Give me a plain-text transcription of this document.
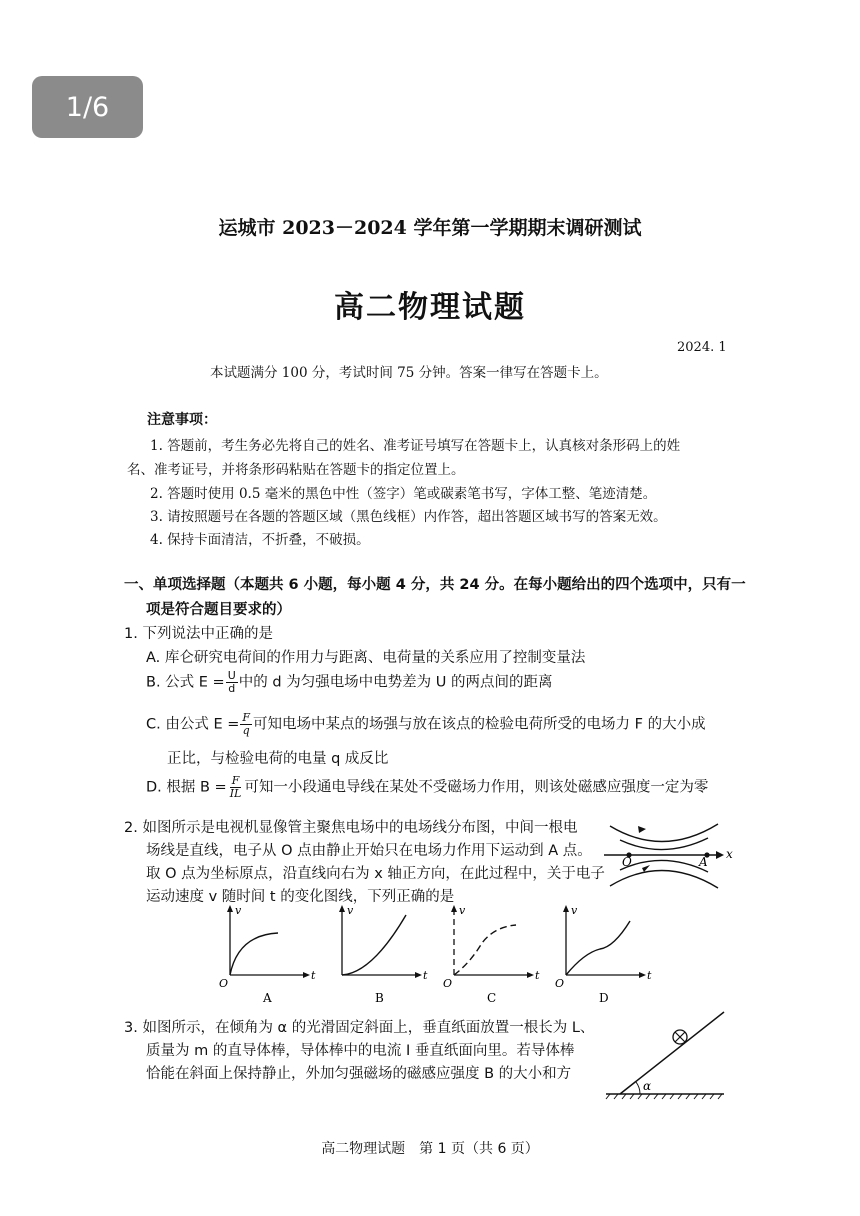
1/6
运城市 2023－2024 学年第一学期期末调研测试
高二物理试题
2024. 1
本试题满分 100 分，考试时间 75 分钟。答案一律写在答题卡上。
注意事项：
1. 答题前，考生务必先将自己的姓名、准考证号填写在答题卡上，认真核对条形码上的姓
名、准考证号，并将条形码粘贴在答题卡的指定位置上。
2. 答题时使用 0.5 毫米的黑色中性（签字）笔或碳素笔书写，字体工整、笔迹清楚。
3. 请按照题号在各题的答题区域（黑色线框）内作答，超出答题区域书写的答案无效。
4. 保持卡面清洁，不折叠，不破损。
一、单项选择题（本题共 6 小题，每小题 4 分，共 24 分。在每小题给出的四个选项中，只有一
项是符合题目要求的）
1. 下列说法中正确的是
A. 库仑研究电荷间的作用力与距离、电荷量的关系应用了控制变量法
B. 公式 $E = \frac{U}{d}$ 中的 d 为匀强电场中电势差为 U 的两点间的距离
C. 由公式 $E = \frac{F}{q}$ 可知电场中某点的场强与放在该点的检验电荷所受的电场力 F 的大小成
正比，与检验电荷的电量 q 成反比
D. 根据 $B = \frac{F}{IL}$ 可知一小段通电导线在某处不受磁场力作用，则该处磁感应强度一定为零
2. 如图所示是电视机显像管主聚焦电场中的电场线分布图，中间一根电
场线是直线，电子从 O 点由静止开始只在电场力作用下运动到 A 点。
取 O 点为坐标原点，沿直线向右为 x 轴正方向，在此过程中，关于电子
运动速度 v 随时间 t 的变化图线，下列正确的是
O	A
x
v
t
O
A
v
t
B
v
t
O
C
v
t
O
D
3. 如图所示，在倾角为 α 的光滑固定斜面上，垂直纸面放置一根长为 L、
质量为 m 的直导体棒，导体棒中的电流 I 垂直纸面向里。若导体棒
恰能在斜面上保持静止，外加匀强磁场的磁感应强度 B 的大小和方
α
高二物理试题　第 1 页（共 6 页）
